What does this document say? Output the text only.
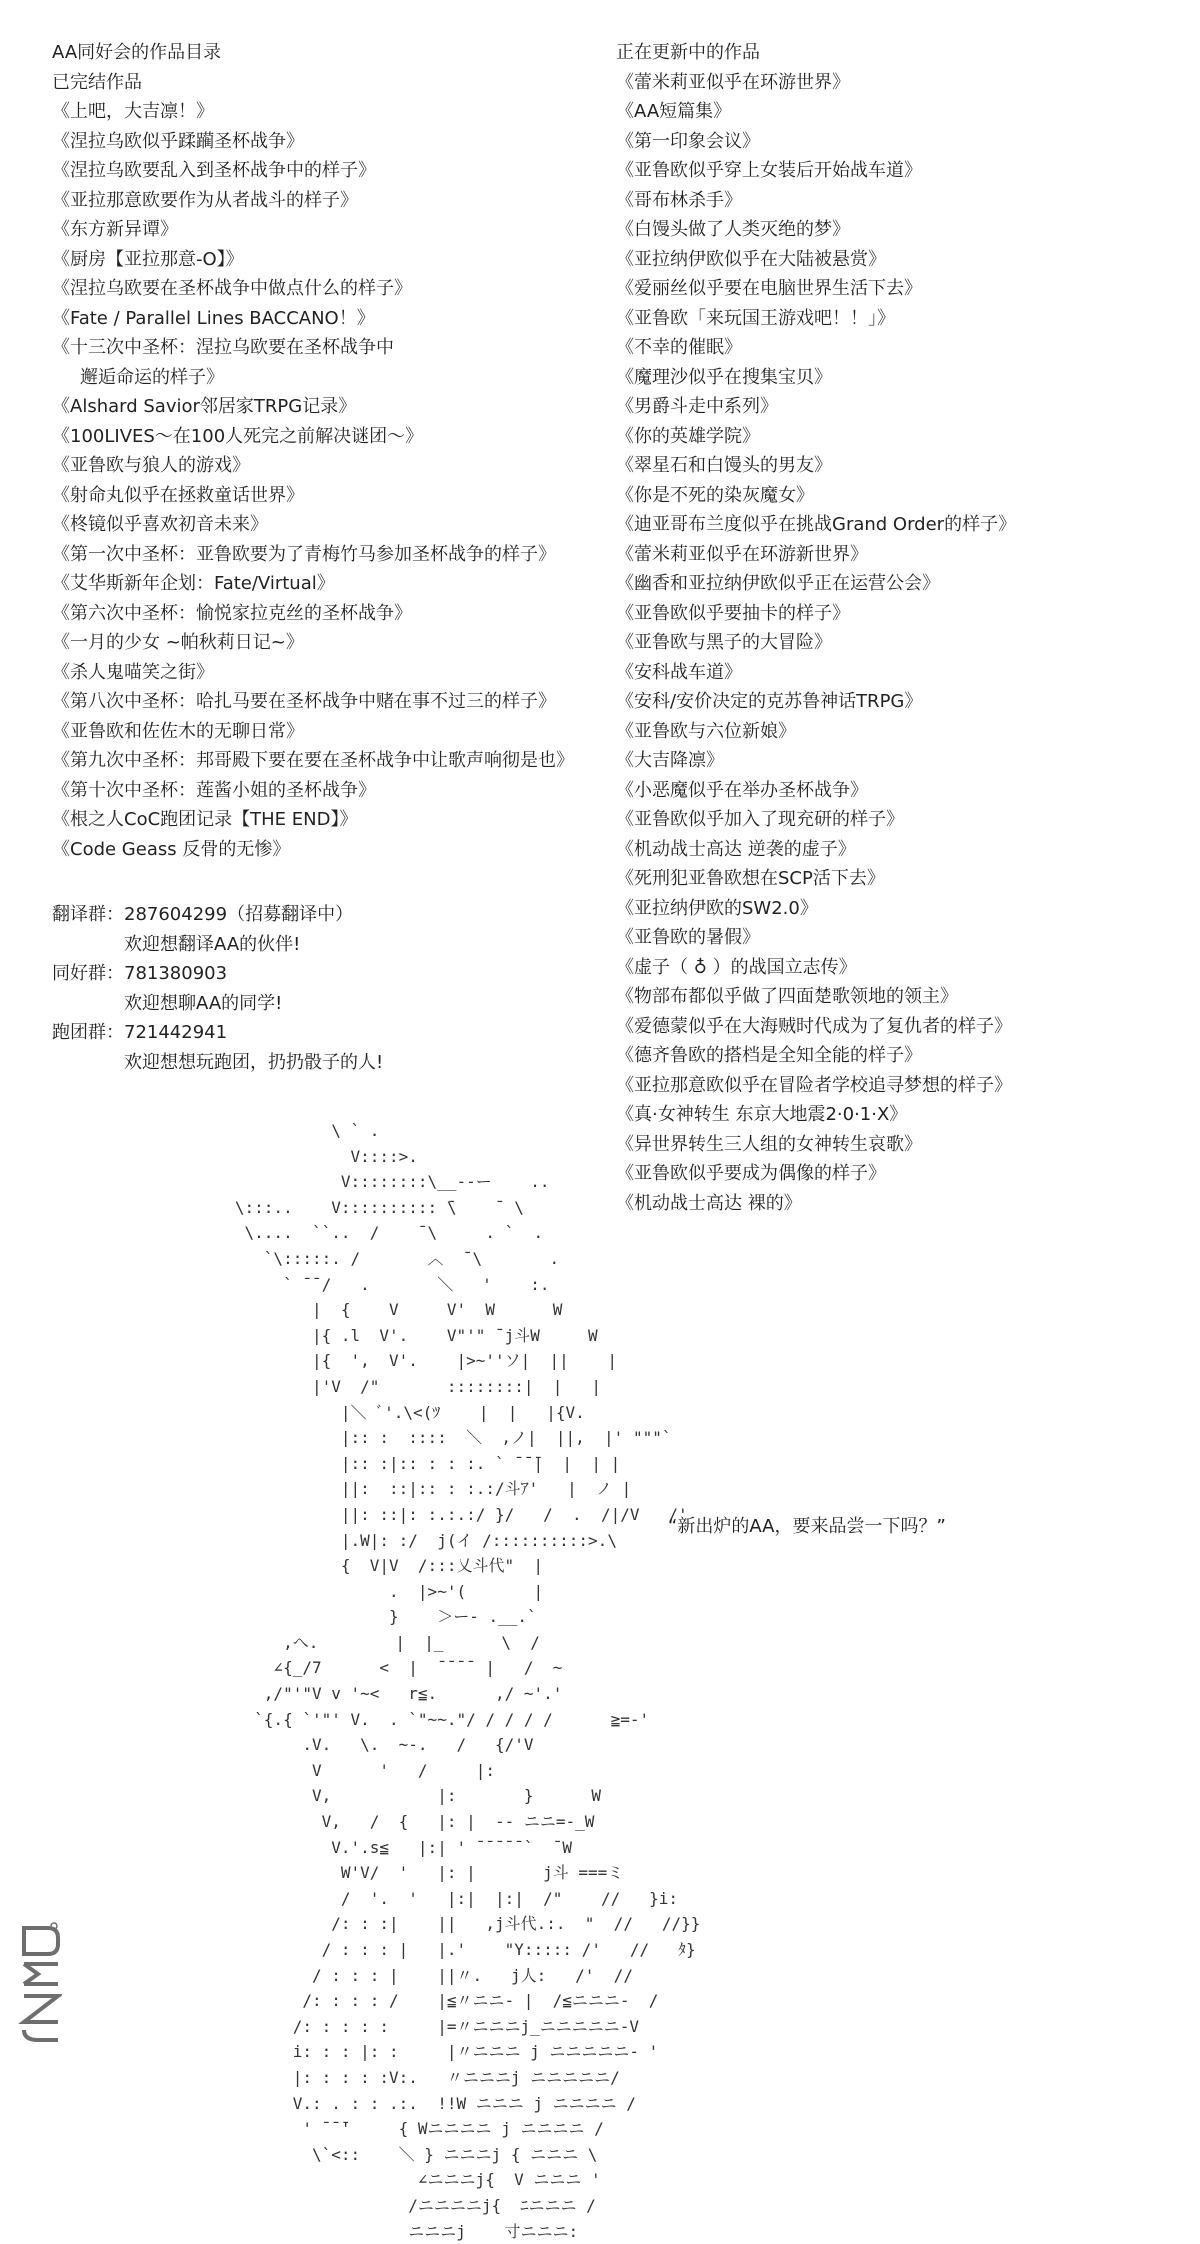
AA同好会的作品目录
已完结作品
《上吧，大吉凛！》
《涅拉乌欧似乎蹂躏圣杯战争》
《涅拉乌欧要乱入到圣杯战争中的样子》
《亚拉那意欧要作为从者战斗的样子》
《东方新异谭》
《厨房【亚拉那意-O】》
《涅拉乌欧要在圣杯战争中做点什么的样子》
《Fate / Parallel Lines BACCANO！》
《十三次中圣杯：涅拉乌欧要在圣杯战争中
邂逅命运的样子》
《Alshard Savior邻居家TRPG记录》
《100LIVES～在100人死完之前解决谜团～》
《亚鲁欧与狼人的游戏》
《射命丸似乎在拯救童话世界》
《柊镜似乎喜欢初音未来》
《第一次中圣杯：亚鲁欧要为了青梅竹马参加圣杯战争的样子》
《艾华斯新年企划：Fate/Virtual》
《第六次中圣杯：愉悦家拉克丝的圣杯战争》
《一月的少女 ~帕秋莉日记~》
《杀人鬼喵笑之街》
《第八次中圣杯：哈扎马要在圣杯战争中赌在事不过三的样子》
《亚鲁欧和佐佐木的无聊日常》
《第九次中圣杯：邦哥殿下要在要在圣杯战争中让歌声响彻是也》
《第十次中圣杯：莲酱小姐的圣杯战争》
《根之人CoC跑团记录【THE END】》
《Code Geass 反骨的无惨》
翻译群：287604299（招募翻译中）
欢迎想翻译AA的伙伴!
同好群：781380903
欢迎想聊AA的同学!
跑团群：721442941
欢迎想想玩跑团，扔扔骰子的人!
正在更新中的作品
《蕾米莉亚似乎在环游世界》
《AA短篇集》
《第一印象会议》
《亚鲁欧似乎穿上女装后开始战车道》
《哥布林杀手》
《白馒头做了人类灭绝的梦》
《亚拉纳伊欧似乎在大陆被悬赏》
《爱丽丝似乎要在电脑世界生活下去》
《亚鲁欧「来玩国王游戏吧！！」》
《不幸的催眠》
《魔理沙似乎在搜集宝贝》
《男爵斗走中系列》
《你的英雄学院》
《翠星石和白馒头的男友》
《你是不死的染灰魔女》
《迪亚哥布兰度似乎在挑战Grand Order的样子》
《蕾米莉亚似乎在环游新世界》
《幽香和亚拉纳伊欧似乎正在运营公会》
《亚鲁欧似乎要抽卡的样子》
《亚鲁欧与黑子的大冒险》
《安科战车道》
《安科/安价决定的克苏鲁神话TRPG》
《亚鲁欧与六位新娘》
《大吉降凛》
《小恶魔似乎在举办圣杯战争》
《亚鲁欧似乎加入了现充研的样子》
《机动战士高达 逆袭的虚子》
《死刑犯亚鲁欧想在SCP活下去》
《亚拉纳伊欧的SW2.0》
《亚鲁欧的暑假》
《虚子（ ♁ ）的战国立志传》
《物部布都似乎做了四面楚歌领地的领主》
《爱德蒙似乎在大海贼时代成为了复仇者的样子》
《德齐鲁欧的搭档是全知全能的样子》
《亚拉那意欧似乎在冒险者学校追寻梦想的样子》
《真·女神转生 东京大地震2·0·1·X》
《异世界转生三人组的女神转生哀歌》
《亚鲁欧似乎要成为偶像的样子》
《机动战士高达 裸的》
\ ` .
V::::>.
V::::::::\__--ー    ..
\:::..    V:::::::::: ̄\    ̄  \
\....  ``..  /    ̄ \     . `  .
`\:::::. /       ︿  ̄ \       .
` ̄ ̄ /   .       ＼   '    :.
|  {    V     V'  W      W
|{ .l  V'.    V"'" ̄ j斗W     W
|{  ',  V'.    |>~''ソ|  ||    |
|'V  /"       ::::::::|  |   |
|＼ ﾞ'.\<(ﾂ    |  |   |{V.
|:: :  ::::  ＼  ,ノ|  ||,  |' """`
|:: :|:: : : :. ` ̄ ̄ ̄|  |  | |
||:  ::|:: : :.:/斗ｱ'   |  ノ |
||: ::|: :.:.:/ }/   /  .  /|/V   /'
|.W|: :/  j(イ /::::::::::>.\
{  V|V  /:::乂斗代"  |
.  |>~'(       |
}    ＞ー- .__.`
,へ.        |  |_      \  /
∠{_/7      <  |  ̄ ̄ ̄ ̄  |   /  ~
,/"'"V v '~<   r≦.      ,/ ~'.'
`{.{ `'"' V.  . `"~~."/ / / / /      ≧=-'
.V.   \.  ~-.   /   {/'V
V      '   /     |:
V,           |:       }      W
V,   /  {   |: |  -- ニニ=-_W
V.'.s≦   |:| ' ̄ ̄ ̄ ̄ ̄ `  ̄ W
W'V/  '   |: |       j斗 ===ミ
/  '.  '   |:|  |:|  /"    //   }i:
/: : :|    ||   ,j斗代.:.  "  //   //}}
/ : : : |   |.'    "Y::::: /'   //   ﾀ}
/ : : : |    ||〃.   j人:   /'  //
/: : : : /    |≦〃ニニ- |  /≦ニニニ-  /
/: : : : :     |=〃ニニニj_ニニニニニ-V
i: : : |: :     |〃ニニニ j ニニニニニ- '
|: : : : :V:.   〃ニニニj ニニニニニ/
V.: . : : .:.  !!W ニニニ j ニニニニ /
' ̄ ̄ ̄'     { Wニニニニ j ニニニニ /
\`<::    ＼ } ニニニj { ニニニ \
∠ニニニj{  V ニニニ '
/ニニニニj{  ﾆニニニ /
ニニニj    寸ニニニ:
“新出炉的AA，要来品尝一下吗？”
